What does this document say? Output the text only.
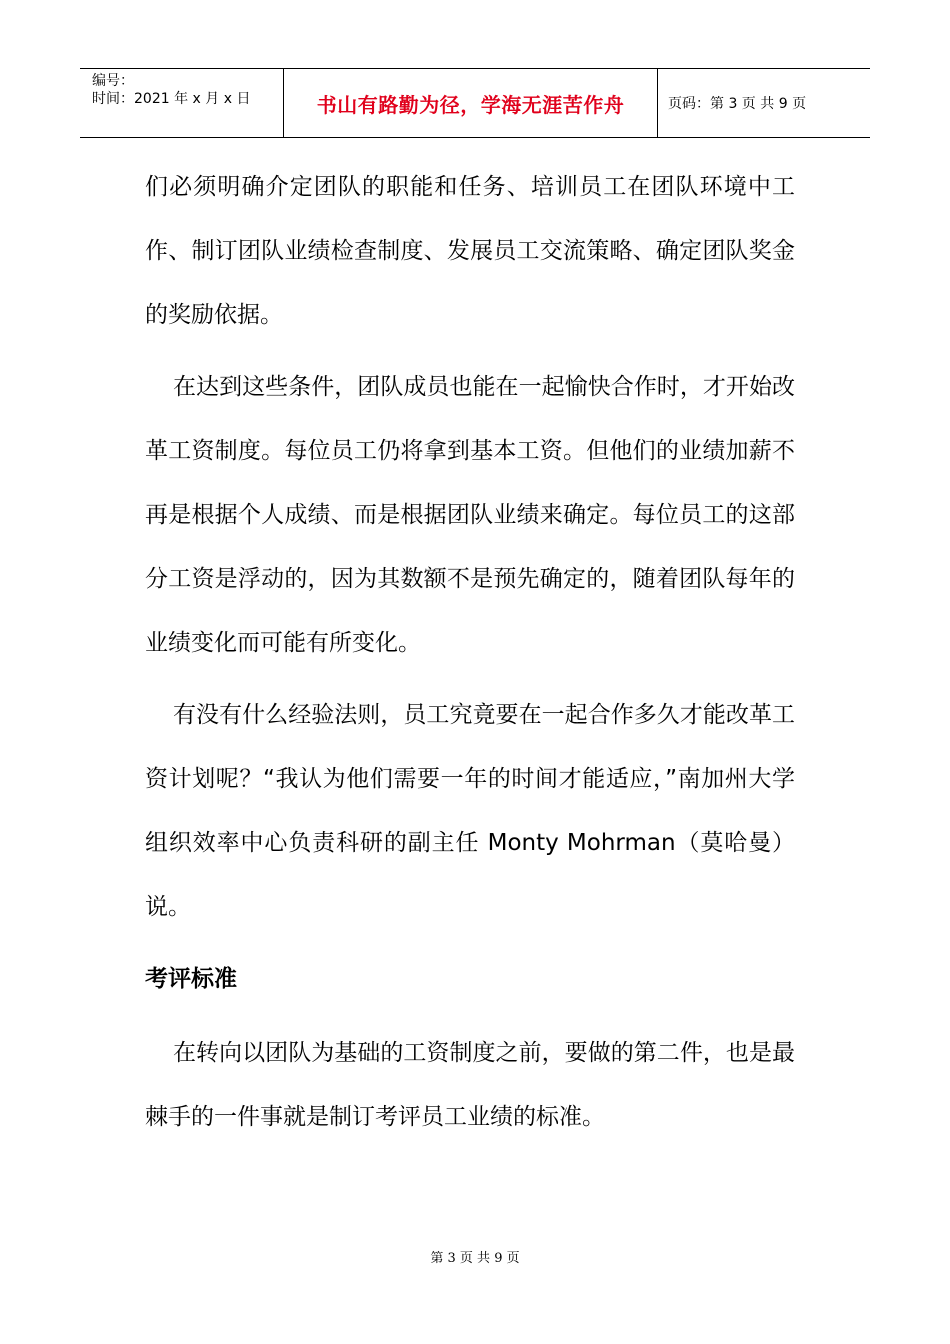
编号：
时间：2021 年 x 月 x 日	书山有路勤为径，学海无涯苦作舟	页码：第 3 页 共 9 页

们必须明确介定团队的职能和任务、培训员工在团队环境中工作、制订团队业绩检查制度、发展员工交流策略、确定团队奖金的奖励依据。

在达到这些条件，团队成员也能在一起愉快合作时，才开始改革工资制度。每位员工仍将拿到基本工资。但他们的业绩加薪不再是根据个人成绩、而是根据团队业绩来确定。每位员工的这部分工资是浮动的，因为其数额不是预先确定的，随着团队每年的业绩变化而可能有所变化。

有没有什么经验法则，员工究竟要在一起合作多久才能改革工资计划呢？“我认为他们需要一年的时间才能适应，”南加州大学组织效率中心负责科研的副主任 Monty Mohrman（莫哈曼）说。

考评标准

在转向以团队为基础的工资制度之前，要做的第二件，也是最棘手的一件事就是制订考评员工业绩的标准。

第 3 页 共 9 页
